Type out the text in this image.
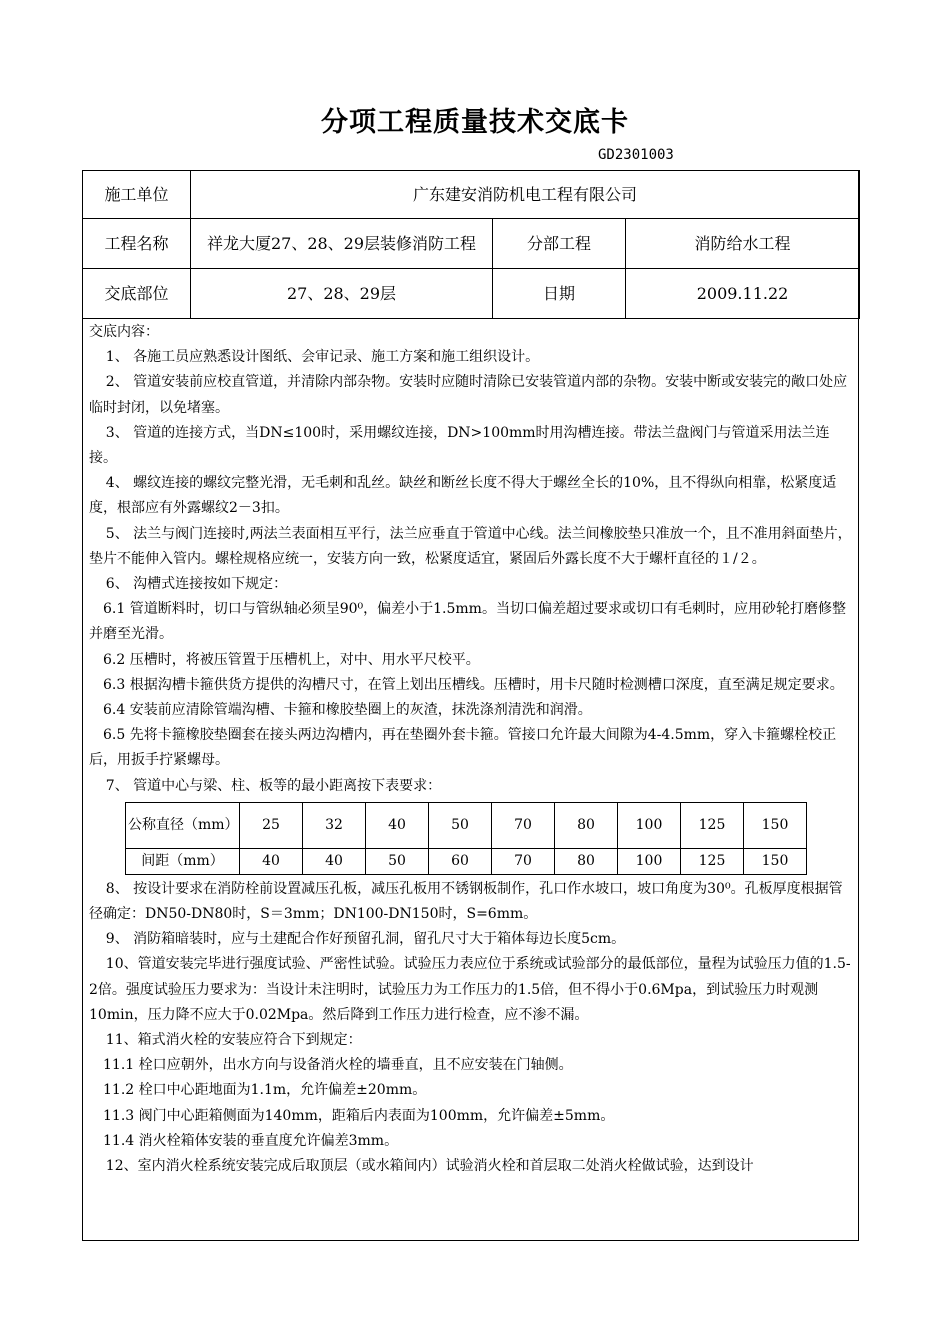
分项工程质量技术交底卡
GD2301003
施工单位	广东建安消防机电工程有限公司		
工程名称	祥龙大厦27、28、29层装修消防工程	分部工程	消防给水工程
交底部位	27、28、29层	日期	2009.11.22

交底内容：

1、 各施工员应熟悉设计图纸、会审记录、施工方案和施工组织设计。

2、 管道安装前应校直管道，并清除内部杂物。安装时应随时清除已安装管道内部的杂物。安装中断或安装完的敞口处应临时封闭，以免堵塞。

3、 管道的连接方式，当DN≤100时，采用螺纹连接，DN>100mm时用沟槽连接。带法兰盘阀门与管道采用法兰连接。

4、 螺纹连接的螺纹完整光滑，无毛刺和乱丝。缺丝和断丝长度不得大于螺丝全长的10%，且不得纵向相靠，松紧度适度，根部应有外露螺纹2－3扣。

5、 法兰与阀门连接时,两法兰表面相互平行，法兰应垂直于管道中心线。法兰间橡胶垫只准放一个，且不准用斜面垫片，垫片不能伸入管内。螺栓规格应统一，安装方向一致，松紧度适宜，紧固后外露长度不大于螺杆直径的１/２。

6、 沟槽式连接按如下规定：

6.1 管道断料时，切口与管纵轴必须呈90⁰，偏差小于1.5mm。当切口偏差超过要求或切口有毛刺时，应用砂轮打磨修整并磨至光滑。

6.2 压槽时，将被压管置于压槽机上，对中、用水平尺校平。

6.3 根据沟槽卡箍供货方提供的沟槽尺寸，在管上划出压槽线。压槽时，用卡尺随时检测槽口深度，直至满足规定要求。

6.4 安装前应清除管端沟槽、卡箍和橡胶垫圈上的灰渣，抹洗涤剂清洗和润滑。

6.5 先将卡箍橡胶垫圈套在接头两边沟槽内，再在垫圈外套卡箍。管接口允许最大间隙为4-4.5mm，穿入卡箍螺栓校正后，用扳手拧紧螺母。

7、 管道中心与梁、柱、板等的最小距离按下表要求：

公称直径（mm）	25	32	40	50	70	80	100	125	150
间距（mm）	40	40	50	60	70	80	100	125	150

8、 按设计要求在消防栓前设置减压孔板，减压孔板用不锈钢板制作，孔口作水坡口，坡口角度为30⁰。孔板厚度根据管径确定：DN50-DN80时，S＝3mm；DN100-DN150时，S=6mm。

9、 消防箱暗装时，应与土建配合作好预留孔洞，留孔尺寸大于箱体每边长度5cm。

10、管道安装完毕进行强度试验、严密性试验。试验压力表应位于系统或试验部分的最低部位，量程为试验压力值的1.5-2倍。强度试验压力要求为：当设计未注明时，试验压力为工作压力的1.5倍，但不得小于0.6Mpa，到试验压力时观测10min，压力降不应大于0.02Mpa。然后降到工作压力进行检查，应不渗不漏。

11、箱式消火栓的安装应符合下到规定：

11.1 栓口应朝外，出水方向与设备消火栓的墙垂直，且不应安装在门轴侧。

11.2 栓口中心距地面为1.1m，允许偏差±20mm。

11.3 阀门中心距箱侧面为140mm，距箱后内表面为100mm，允许偏差±5mm。

11.4 消火栓箱体安装的垂直度允许偏差3mm。

12、室内消火栓系统安装完成后取顶层（或水箱间内）试验消火栓和首层取二处消火栓做试验，达到设计
